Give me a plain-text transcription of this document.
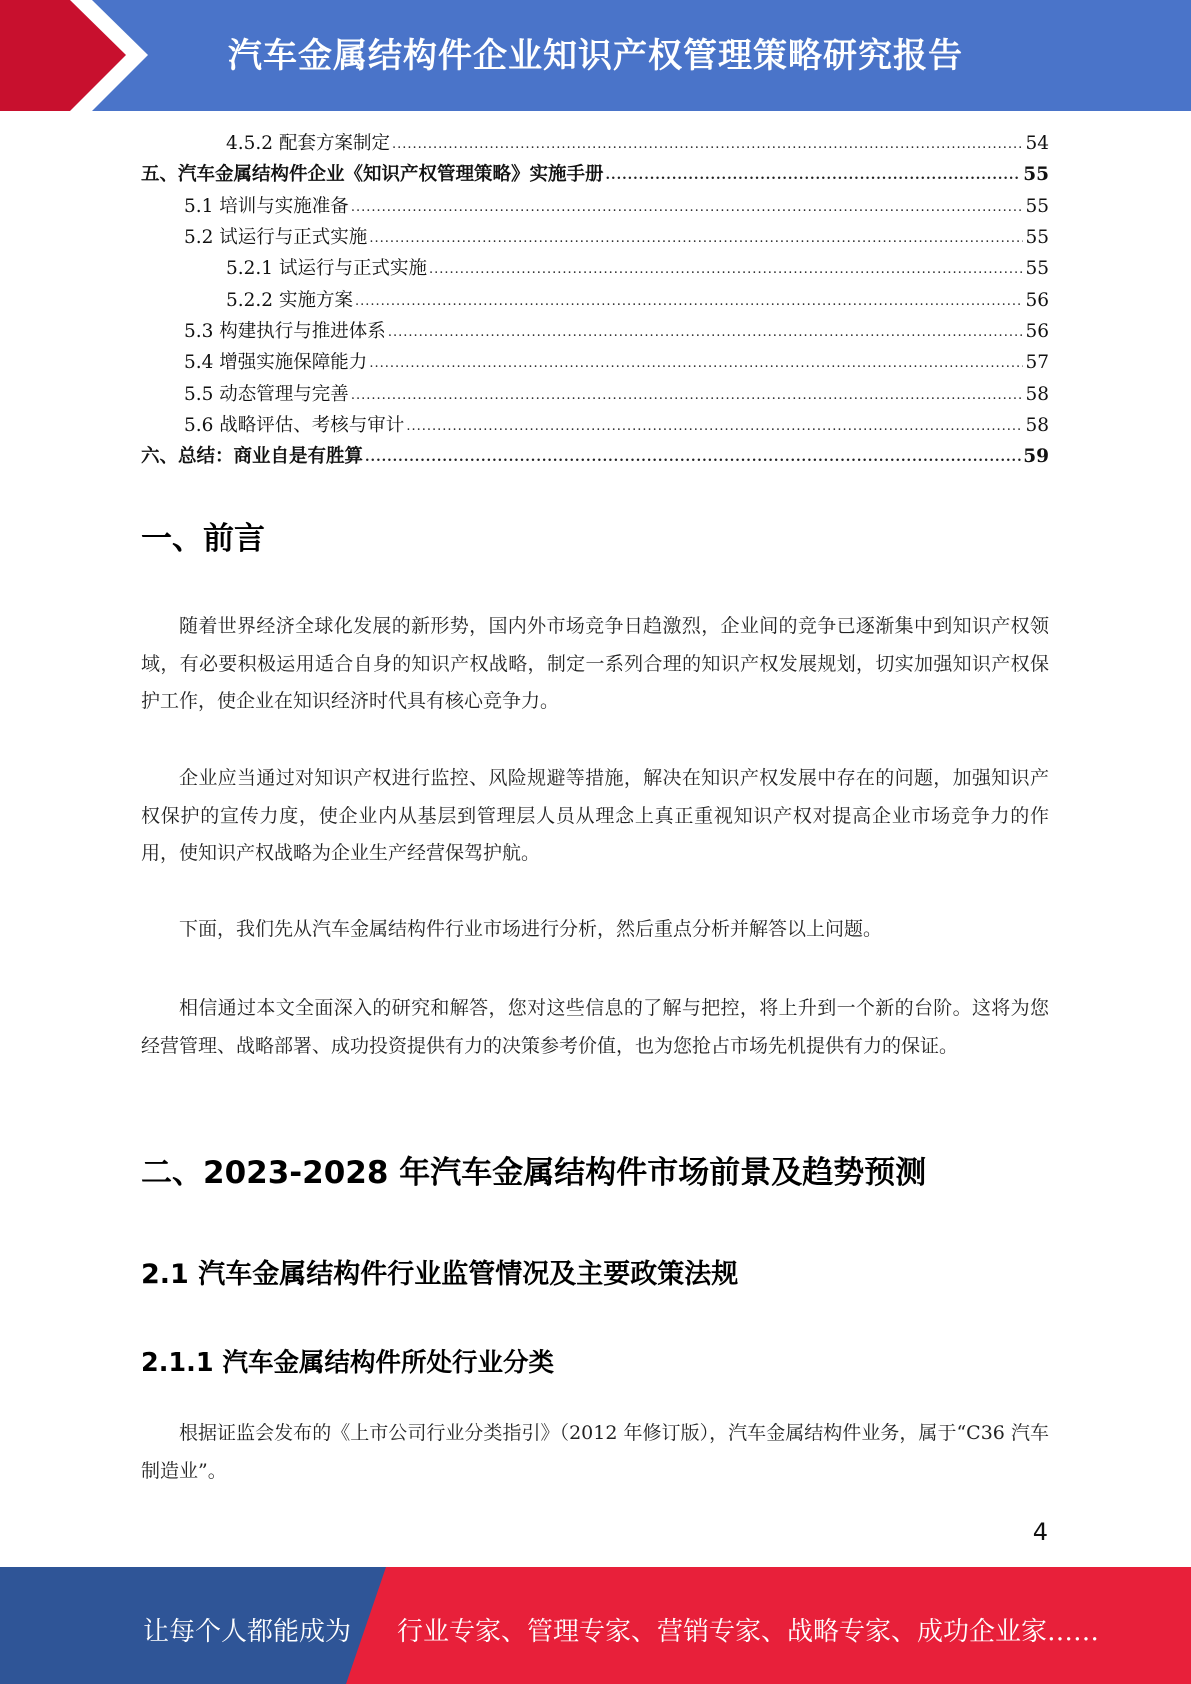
汽车金属结构件企业知识产权管理策略研究报告
4.5.2 配套方案制定 .....	54
五、汽车金属结构件企业《知识产权管理策略》实施手册 .....	55
5.1 培训与实施准备 .....	55
5.2 试运行与正式实施 .....	55
5.2.1 试运行与正式实施 .....	55
5.2.2 实施方案 .....	56
5.3 构建执行与推进体系 .....	56
5.4 增强实施保障能力 .....	57
5.5 动态管理与完善 .....	58
5.6 战略评估、考核与审计 .....	58
六、总结：商业自是有胜算 .....	59
一、前言

随着世界经济全球化发展的新形势，国内外市场竞争日趋激烈，企业间的竞争已逐渐集中到知识产权领域，有必要积极运用适合自身的知识产权战略，制定一系列合理的知识产权发展规划，切实加强知识产权保护工作，使企业在知识经济时代具有核心竞争力。

企业应当通过对知识产权进行监控、风险规避等措施，解决在知识产权发展中存在的问题，加强知识产权保护的宣传力度，使企业内从基层到管理层人员从理念上真正重视知识产权对提高企业市场竞争力的作用，使知识产权战略为企业生产经营保驾护航。

下面，我们先从汽车金属结构件行业市场进行分析，然后重点分析并解答以上问题。

相信通过本文全面深入的研究和解答，您对这些信息的了解与把控，将上升到一个新的台阶。这将为您经营管理、战略部署、成功投资提供有力的决策参考价值，也为您抢占市场先机提供有力的保证。

二、2023-2028 年汽车金属结构件市场前景及趋势预测
2.1 汽车金属结构件行业监管情况及主要政策法规
2.1.1 汽车金属结构件所处行业分类

根据证监会发布的《上市公司行业分类指引》（2012 年修订版），汽车金属结构件业务，属于“C36 汽车制造业”。

4
让每个人都能成为 行业专家、管理专家、营销专家、战略专家、成功企业家……
